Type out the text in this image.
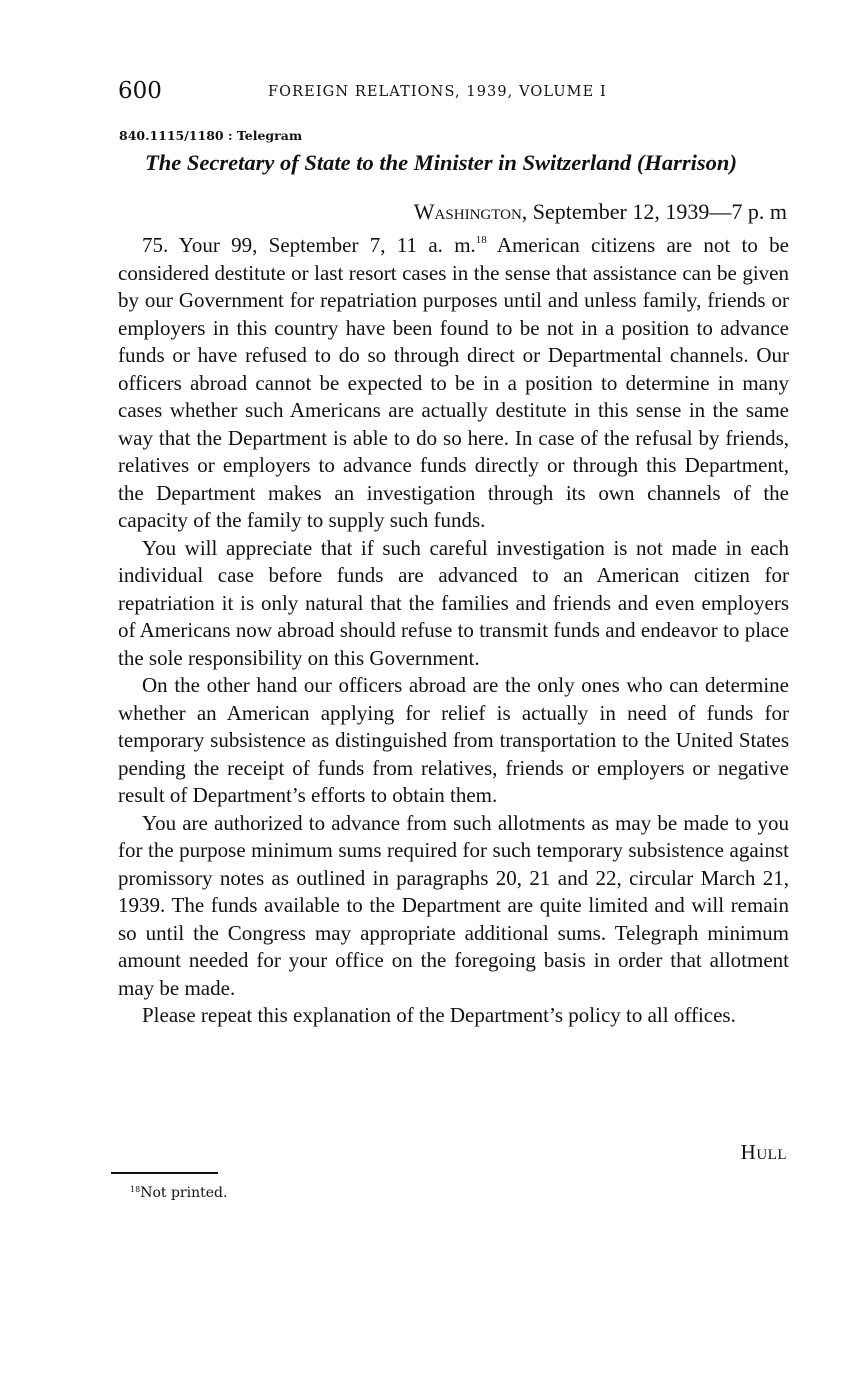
600	FOREIGN RELATIONS, 1939, VOLUME I
840.1115/1180 : Telegram
The Secretary of State to the Minister in Switzerland (Harrison)
Washington, September 12, 1939—7 p. m

75. Your 99, September 7, 11 a. m.$^{18}$ American citizens are not to be considered destitute or last resort cases in the sense that assistance can be given by our Government for repatriation purposes until and unless family, friends or employers in this country have been found to be not in a position to advance funds or have refused to do so through direct or Departmental channels. Our officers abroad cannot be expected to be in a position to determine in many cases whether such Americans are actually destitute in this sense in the same way that the Department is able to do so here. In case of the refusal by friends, relatives or employers to advance funds directly or through this Department, the Department makes an investigation through its own channels of the capacity of the family to supply such funds.

You will appreciate that if such careful investigation is not made in each individual case before funds are advanced to an American citizen for repatriation it is only natural that the families and friends and even employers of Americans now abroad should refuse to transmit funds and endeavor to place the sole responsibility on this Government.

On the other hand our officers abroad are the only ones who can determine whether an American applying for relief is actually in need of funds for temporary subsistence as distinguished from transportation to the United States pending the receipt of funds from relatives, friends or employers or negative result of Department’s efforts to obtain them.

You are authorized to advance from such allotments as may be made to you for the purpose minimum sums required for such temporary subsistence against promissory notes as outlined in paragraphs 20, 21 and 22, circular March 21, 1939. The funds available to the Department are quite limited and will remain so until the Congress may appropriate additional sums. Telegraph minimum amount needed for your office on the foregoing basis in order that allotment may be made.

Please repeat this explanation of the Department’s policy to all offices.

Hull
$^{18}$Not printed.
